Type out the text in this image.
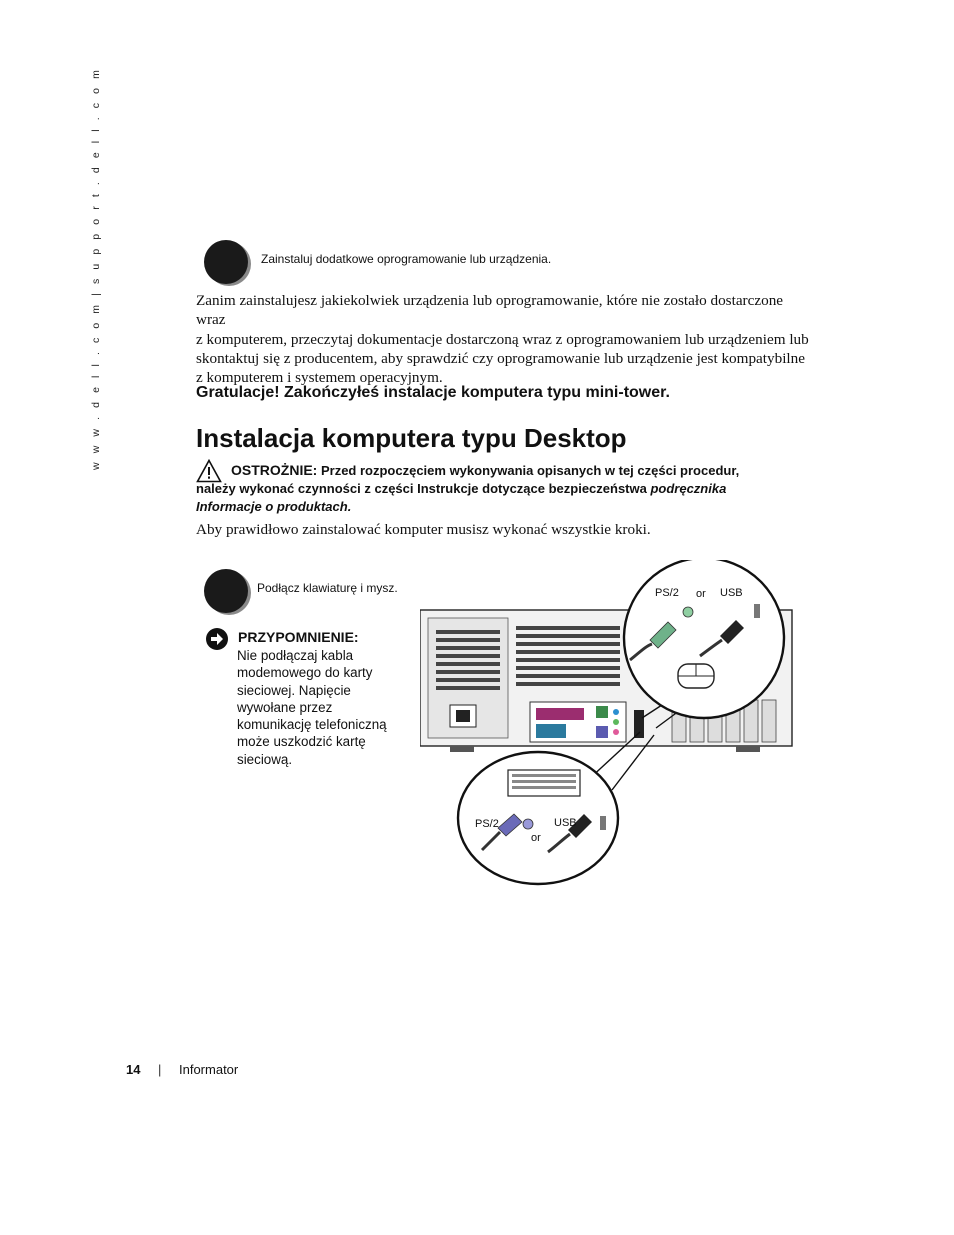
w w w . d e l l . c o m | s u p p o r t . d e l l . c o m	Zainstaluj dodatkowe oprogramowanie lub urządzenia.
Zanim zainstalujesz jakiekolwiek urządzenia lub oprogramowanie, które nie zostało dostarczone wraz
z komputerem, przeczytaj dokumentacje dostarczoną wraz z oprogramowaniem lub urządzeniem lub
skontaktuj się z producentem, aby sprawdzić czy oprogramowanie lub urządzenie jest kompatybilne
z komputerem i systemem operacyjnym.
Gratulacje! Zakończyłeś instalacje komputera typu mini-tower.
Instalacja komputera typu Desktop
OSTROŻNIE: Przed rozpoczęciem wykonywania opisanych w tej części procedur,
należy wykonać czynności z części Instrukcje dotyczące bezpieczeństwa podręcznika
Informacje o produktach.
Aby prawidłowo zainstalować komputer musisz wykonać wszystkie kroki.
Podłącz klawiaturę i mysz.
PRZYPOMNIENIE:
Nie podłączaj kabla
modemowego do karty
sieciowej. Napięcie
wywołane przez
komunikację telefoniczną
może uszkodzić kartę
sieciową.
PS/2 or USB
PS/2
or
USB
14 | Informator
